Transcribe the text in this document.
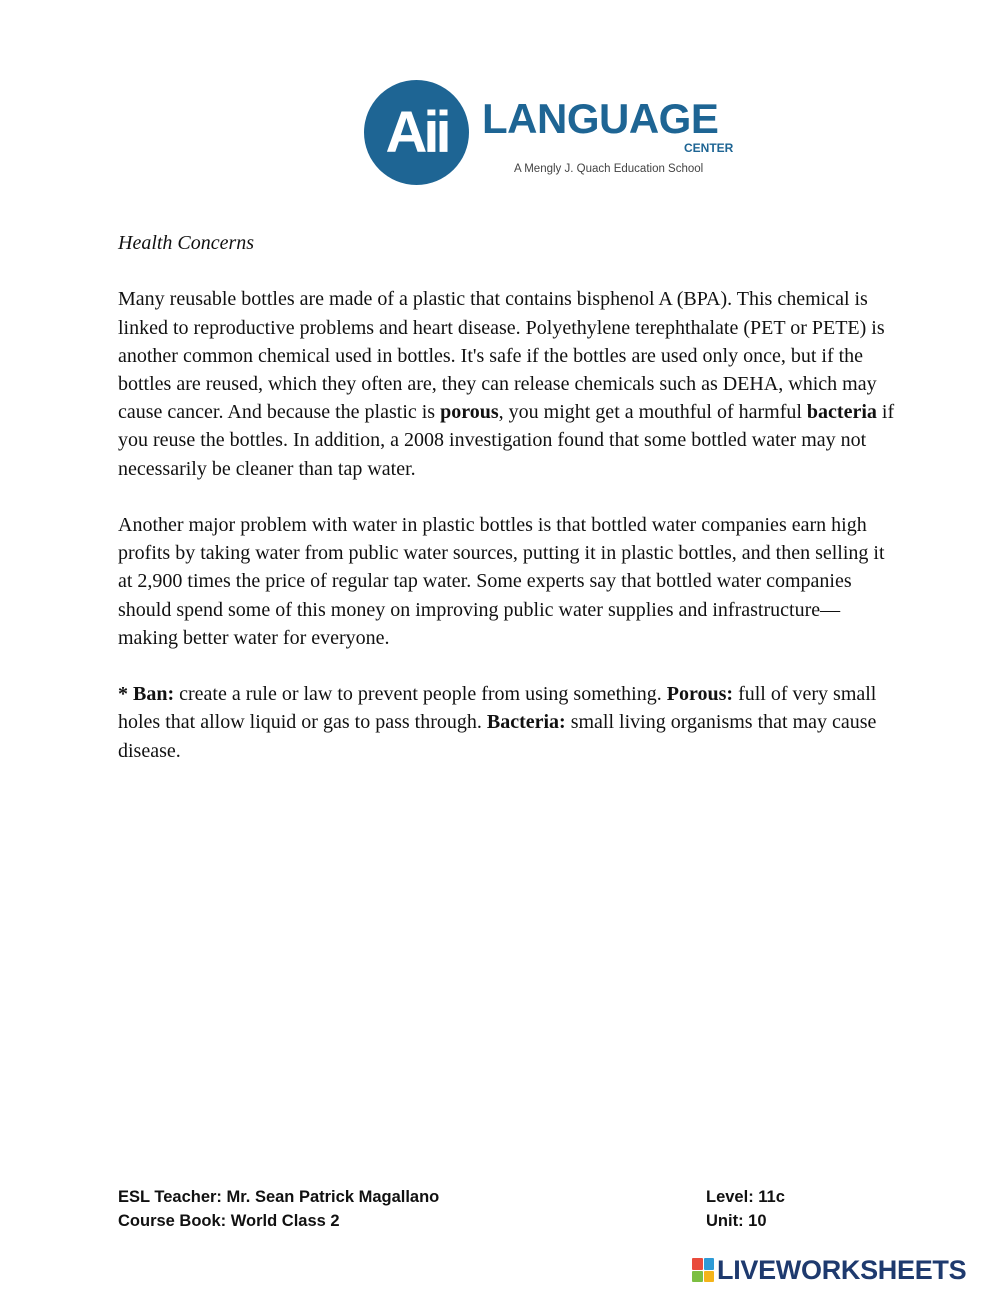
Aii LANGUAGE
CENTER
A Mengly J. Quach Education School

Health Concerns

Many reusable bottles are made of a plastic that contains bisphenol A (BPA). This chemical is linked to reproductive problems and heart disease. Polyethylene terephthalate (PET or PETE) is another common chemical used in bottles. It's safe if the bottles are used only once, but if the bottles are reused, which they often are, they can release chemicals such as DEHA, which may cause cancer. And because the plastic is porous, you might get a mouthful of harmful bacteria if you reuse the bottles. In addition, a 2008 investigation found that some bottled water may not necessarily be cleaner than tap water.

Another major problem with water in plastic bottles is that bottled water companies earn high profits by taking water from public water sources, putting it in plastic bottles, and then selling it at 2,900 times the price of regular tap water. Some experts say that bottled water companies should spend some of this money on improving public water supplies and infrastructure—making better water for everyone.

* Ban: create a rule or law to prevent people from using something. Porous: full of very small holes that allow liquid or gas to pass through. Bacteria: small living organisms that may cause disease.

ESL Teacher: Mr. Sean Patrick Magallano
Course Book: World Class 2
Level: 11c
Unit: 10
LIVEWORKSHEETS
